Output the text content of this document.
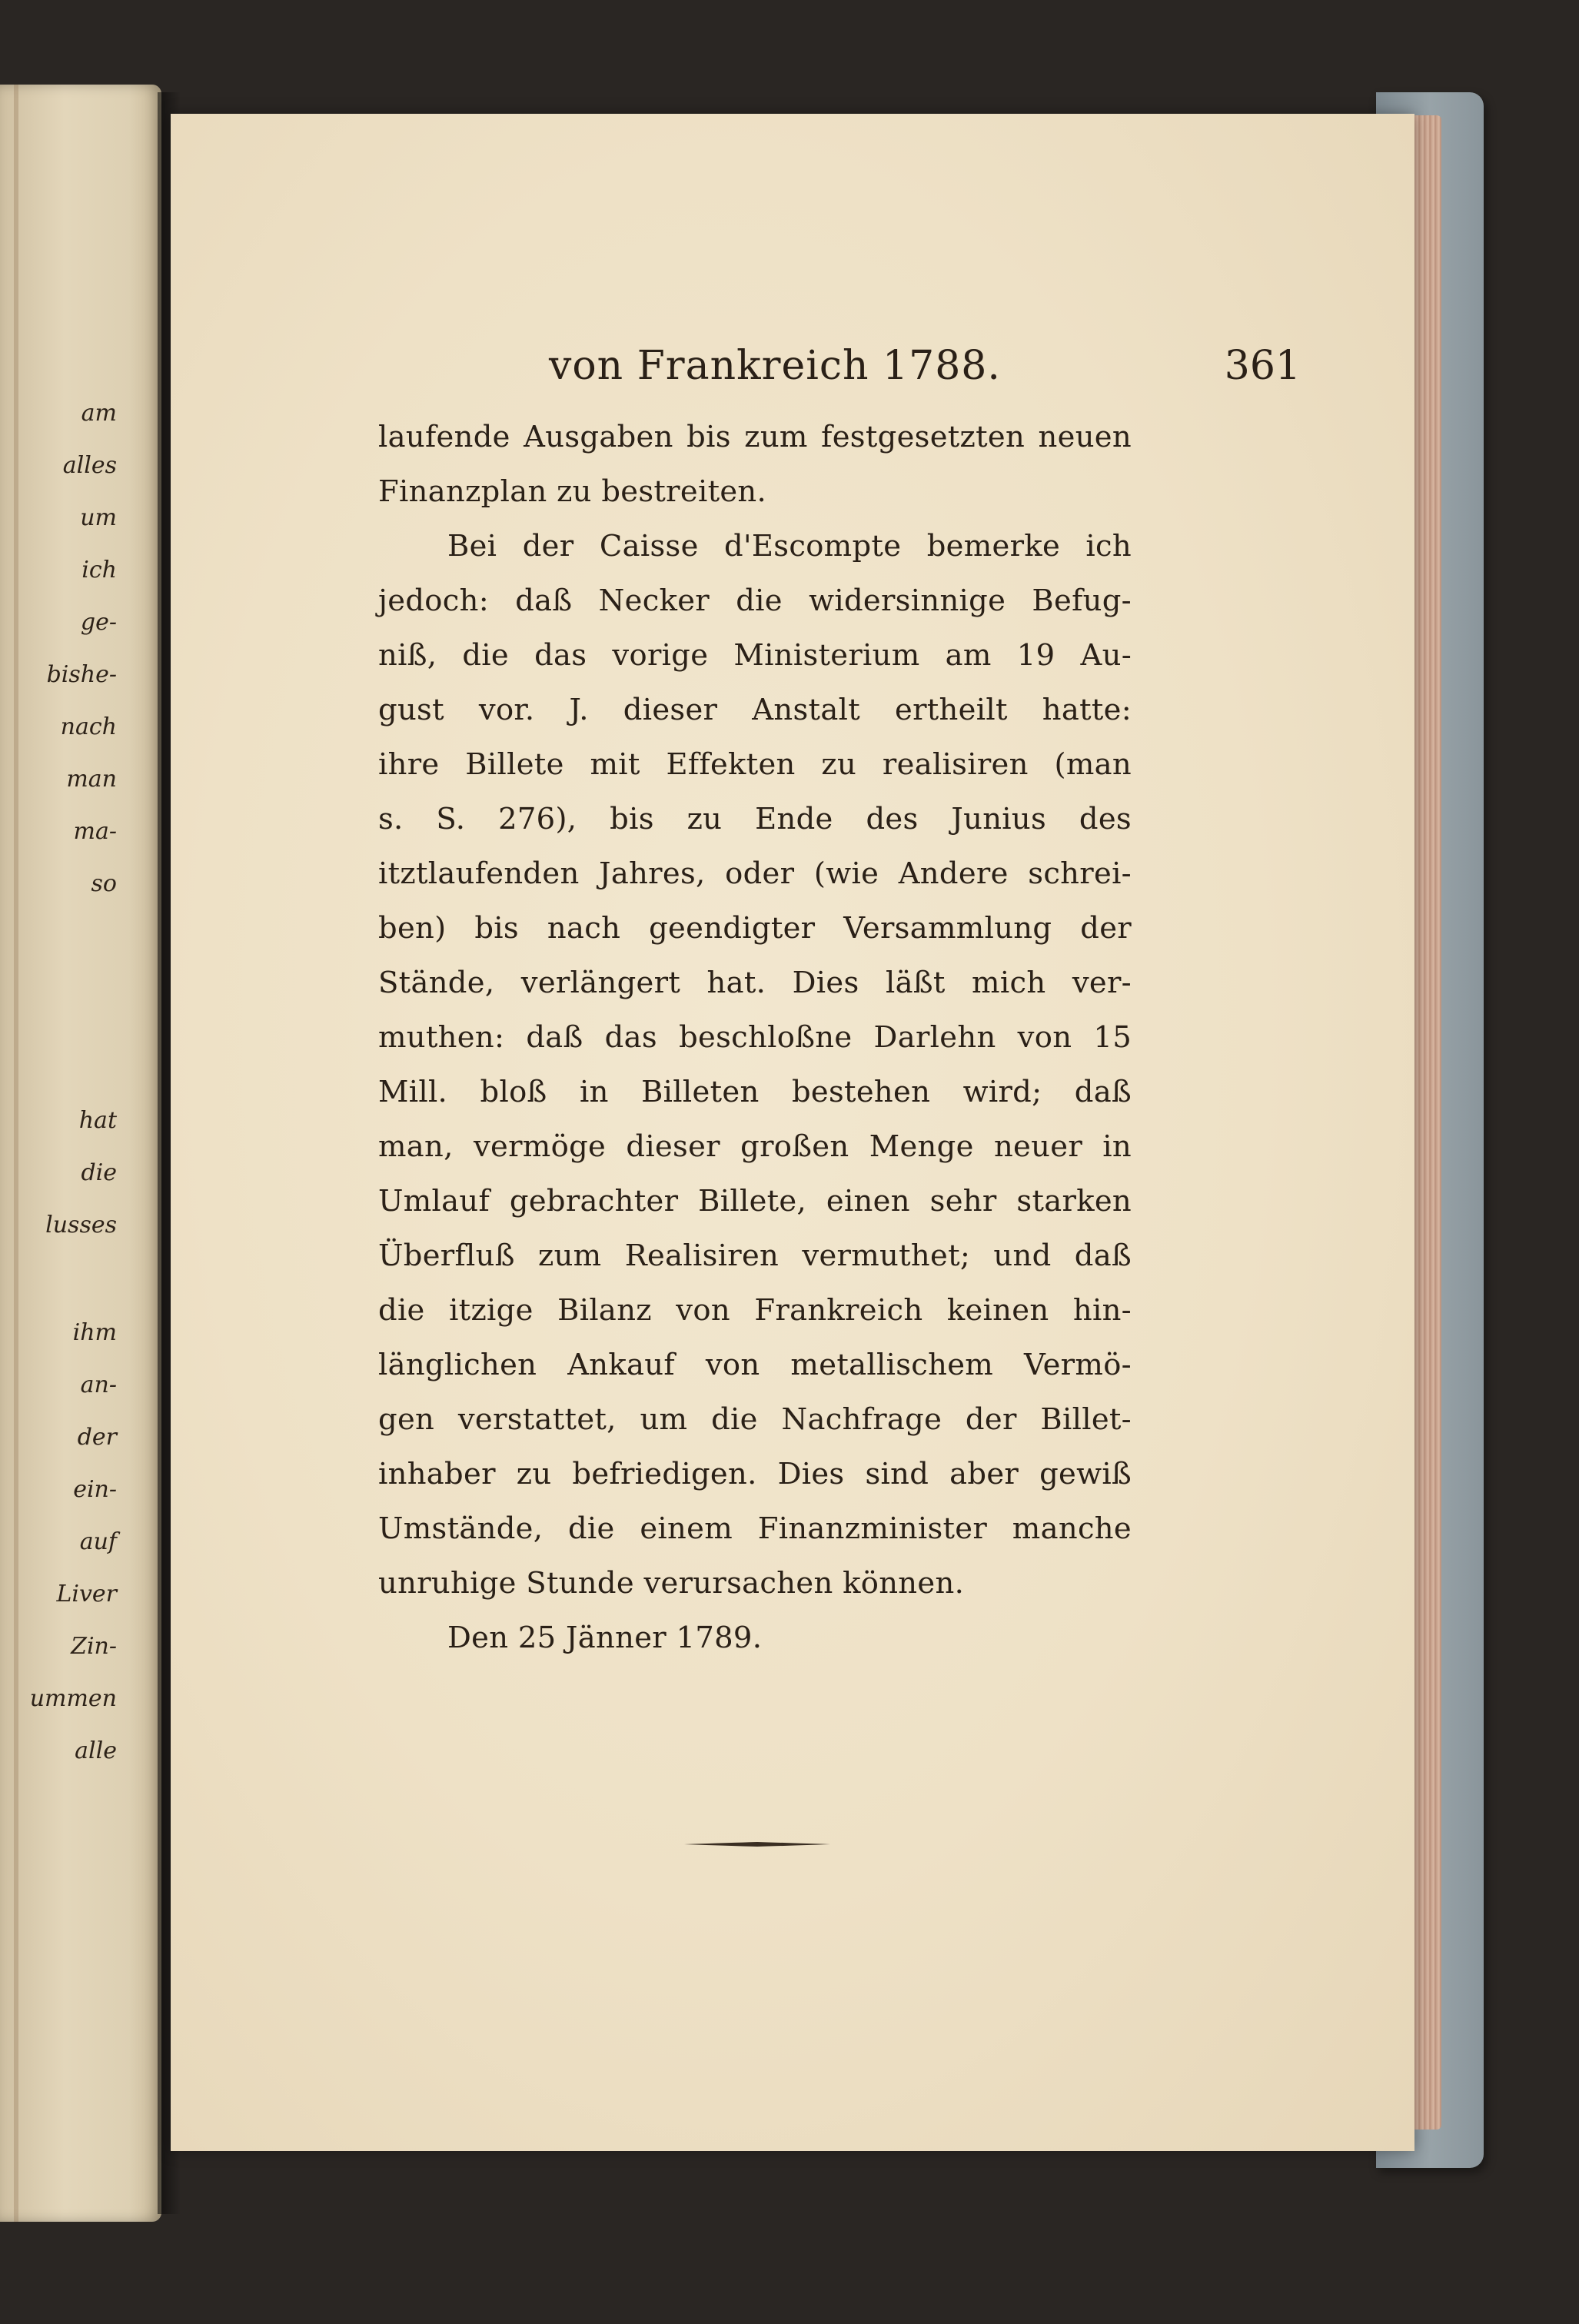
am
alles
um
ich
ge-
bishe-
nach
man
ma-
so
hat
die
lusses
ihm
an-
der
ein-
auf
Liver
Zin-
ummen
alle
von Frankreich 1788.	361
laufende Ausgaben bis zum festgesetzten neuen
Finanzplan zu bestreiten.
Bei der Caisse d'Escompte bemerke ich
jedoch: daß Necker die widersinnige Befug-
niß, die das vorige Ministerium am 19 Au-
gust vor. J. dieser Anstalt ertheilt hatte:
ihre Billete mit Effekten zu realisiren (man
s. S. 276), bis zu Ende des Junius des
itztlaufenden Jahres, oder (wie Andere schrei-
ben) bis nach geendigter Versammlung der
Stände, verlängert hat. Dies läßt mich ver-
muthen: daß das beschloßne Darlehn von 15
Mill. bloß in Billeten bestehen wird; daß
man, vermöge dieser großen Menge neuer in
Umlauf gebrachter Billete, einen sehr starken
Überfluß zum Realisiren vermuthet; und daß
die itzige Bilanz von Frankreich keinen hin-
länglichen Ankauf von metallischem Vermö-
gen verstattet, um die Nachfrage der Billet-
inhaber zu befriedigen. Dies sind aber gewiß
Umstände, die einem Finanzminister manche
unruhige Stunde verursachen können.
Den 25 Jänner 1789.
